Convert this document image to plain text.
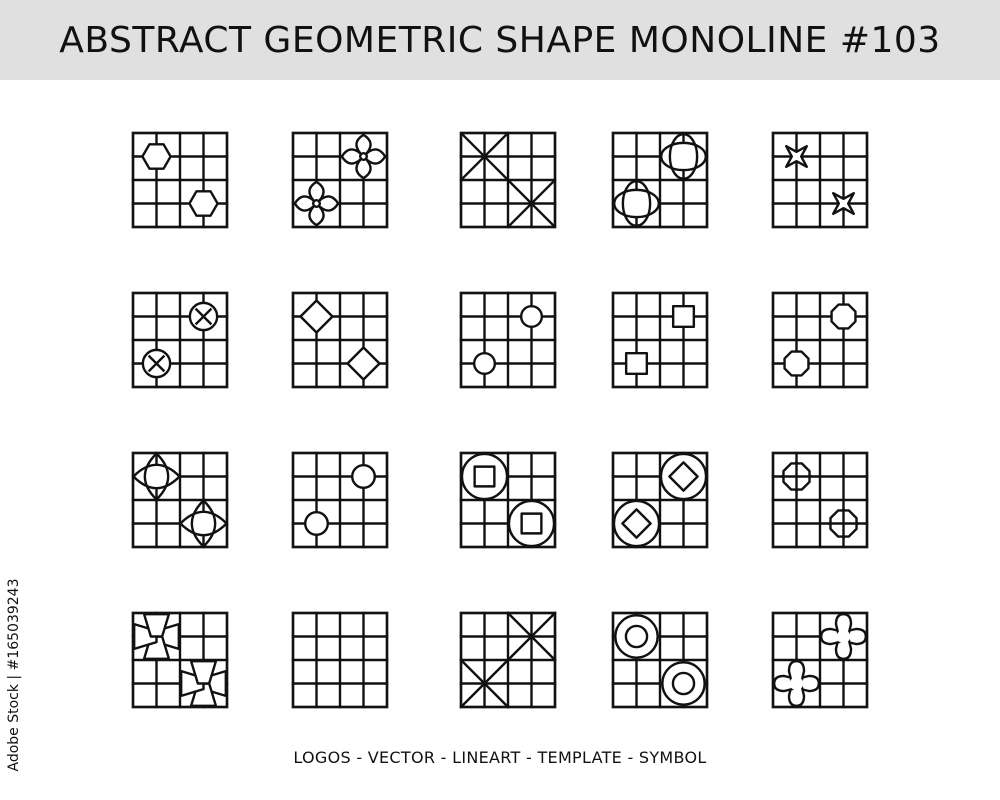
ABSTRACT GEOMETRIC SHAPE MONOLINE #103
LOGOS - VECTOR - LINEART - TEMPLATE - SYMBOL
Adobe Stock | #165039243
